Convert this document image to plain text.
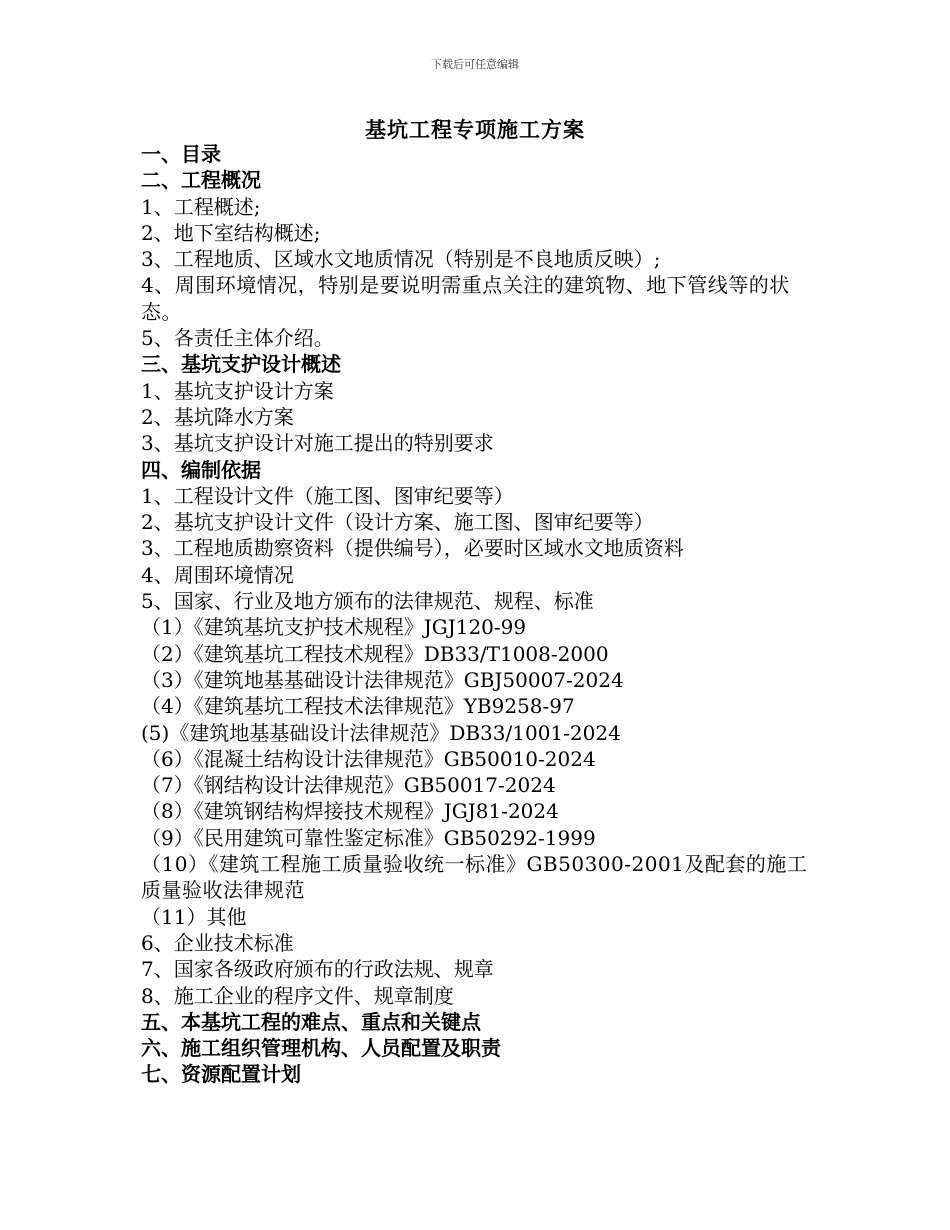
下载后可任意编辑
基坑工程专项施工方案
一、目录
二、工程概况
1、工程概述;
2、地下室结构概述;
3、工程地质、区域水文地质情况（特别是不良地质反映）;
4、周围环境情况，特别是要说明需重点关注的建筑物、地下管线等的状态。
5、各责任主体介绍。
三、基坑支护设计概述
1、基坑支护设计方案
2、基坑降水方案
3、基坑支护设计对施工提出的特别要求
四、编制依据
1、工程设计文件（施工图、图审纪要等）
2、基坑支护设计文件（设计方案、施工图、图审纪要等）
3、工程地质勘察资料（提供编号），必要时区域水文地质资料
4、周围环境情况
5、国家、行业及地方颁布的法律规范、规程、标准
（1）《建筑基坑支护技术规程》JGJ120-99
（2）《建筑基坑工程技术规程》DB33/T1008-2000
（3）《建筑地基基础设计法律规范》GBJ50007-2024
（4）《建筑基坑工程技术法律规范》YB9258-97
(5)《建筑地基基础设计法律规范》DB33/1001-2024
（6）《混凝土结构设计法律规范》GB50010-2024
（7）《钢结构设计法律规范》GB50017-2024
（8）《建筑钢结构焊接技术规程》JGJ81-2024
（9）《民用建筑可靠性鉴定标准》GB50292-1999
（10）《建筑工程施工质量验收统一标准》GB50300-2001及配套的施工质量验收法律规范
（11）其他
6、企业技术标准
7、国家各级政府颁布的行政法规、规章
8、施工企业的程序文件、规章制度
五、本基坑工程的难点、重点和关键点
六、施工组织管理机构、人员配置及职责
七、资源配置计划
